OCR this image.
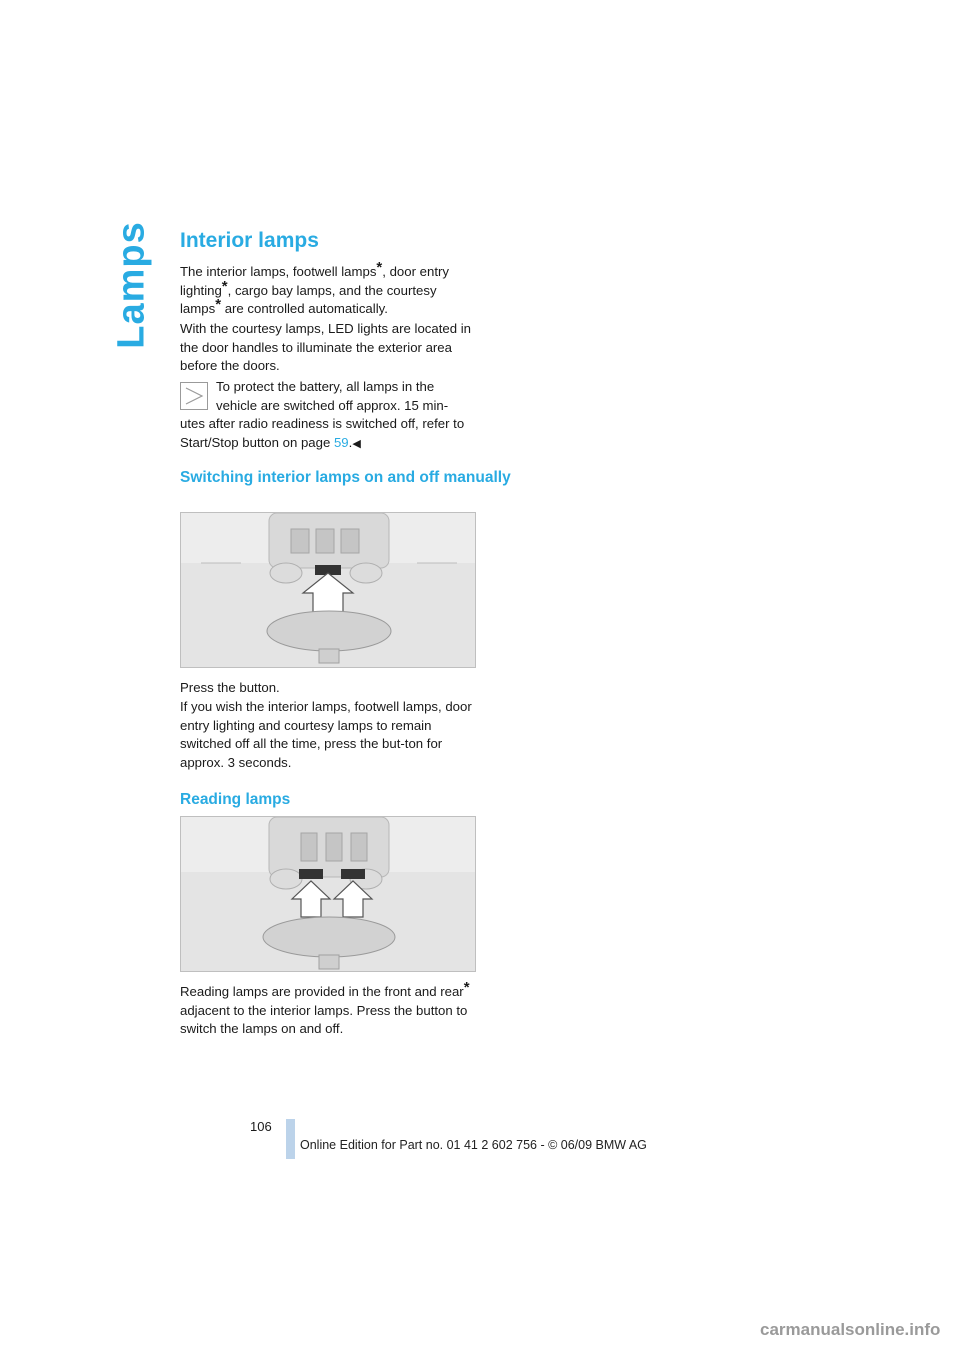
Lamps Interior lamps

The interior lamps, footwell lamps*, door entry lighting*, cargo bay lamps, and the courtesy lamps* are controlled automatically.

With the courtesy lamps, LED lights are located in the door handles to illuminate the exterior area before the doors.

To protect the battery, all lamps in the vehicle are switched off approx. 15 min-

utes after radio readiness is switched off, refer to Start/Stop button on page 59.◀

Switching interior lamps on and off manually

Press the button.

If you wish the interior lamps, footwell lamps, door entry lighting and courtesy lamps to remain switched off all the time, press the but-ton for approx. 3 seconds.

Reading lamps

Reading lamps are provided in the front and rear* adjacent to the interior lamps. Press the button to switch the lamps on and off.

106
Online Edition for Part no. 01 41 2 602 756 - © 06/09 BMW AG
carmanualsonline.info
